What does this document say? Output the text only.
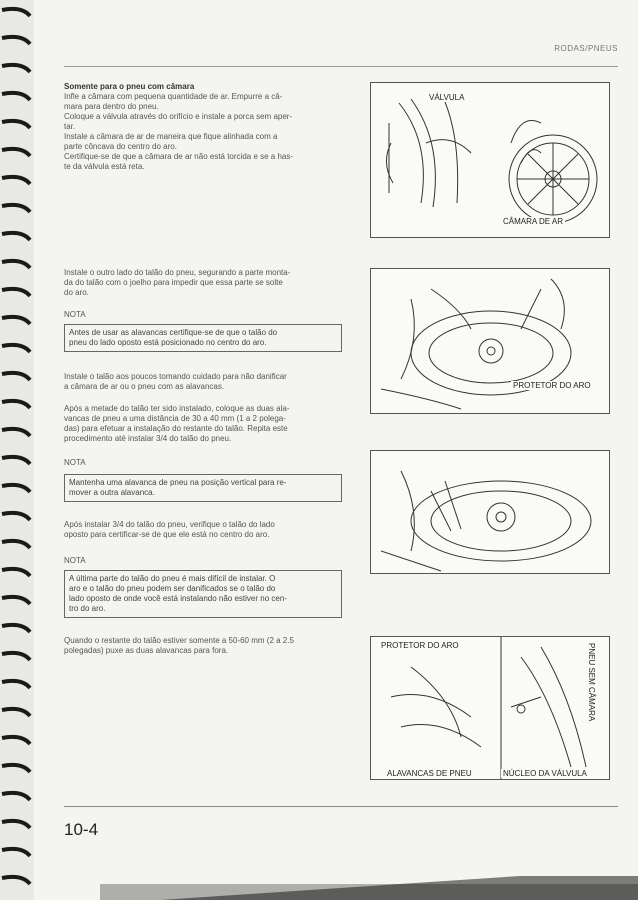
RODAS/PNEUS

Somente para o pneu com câmara

Infle a câmara com pequena quantidade de ar. Empurre a câ-
mara para dentro do pneu.
Coloque a válvula através do orifício e instale a porca sem aper-
tar.
Instale a câmara de ar de maneira que fique alinhada com a
parte côncava do centro do aro.
Certifique-se de que a câmara de ar não está torcida e se a has-
te da válvula está reta.

Instale o outro lado do talão do pneu, segurando a parte monta-
da do talão com o joelho para impedir que essa parte se solte
do aro.

NOTA
Antes de usar as alavancas certifique-se de que o talão do
pneu do lado oposto está posicionado no centro do aro.

Instale o talão aos poucos tomando cuidado para não danificar
a câmara de ar ou o pneu com as alavancas.

Após a metade do talão ter sido instalado, coloque as duas ala-
vancas de pneu a uma distância de 30 a 40 mm (1 a 2 polega-
das) para efetuar a instalação do restante do talão. Repita este
procedimento até instalar 3/4 do talão do pneu.

NOTA
Mantenha uma alavanca de pneu na posição vertical para re-
mover a outra alavanca.

Após instalar 3/4 do talão do pneu, verifique o talão do lado
oposto para certificar-se de que ele está no centro do aro.

NOTA
A última parte do talão do pneu é mais difícil de instalar. O
aro e o talão do pneu podem ser danificados se o talão do
lado oposto de onde você está instalando não estiver no cen-
tro do aro.

Quando o restante do talão estiver somente a 50-60 mm (2 a 2.5
polegadas) puxe as duas alavancas para fora.

VÁLVULA
CÂMARA DE AR
PROTETOR DO ARO
PROTETOR DO ARO
ALAVANCAS DE PNEU	NÚCLEO DA VÁLVULA
PNEU SEM CÂMARA
10-4
